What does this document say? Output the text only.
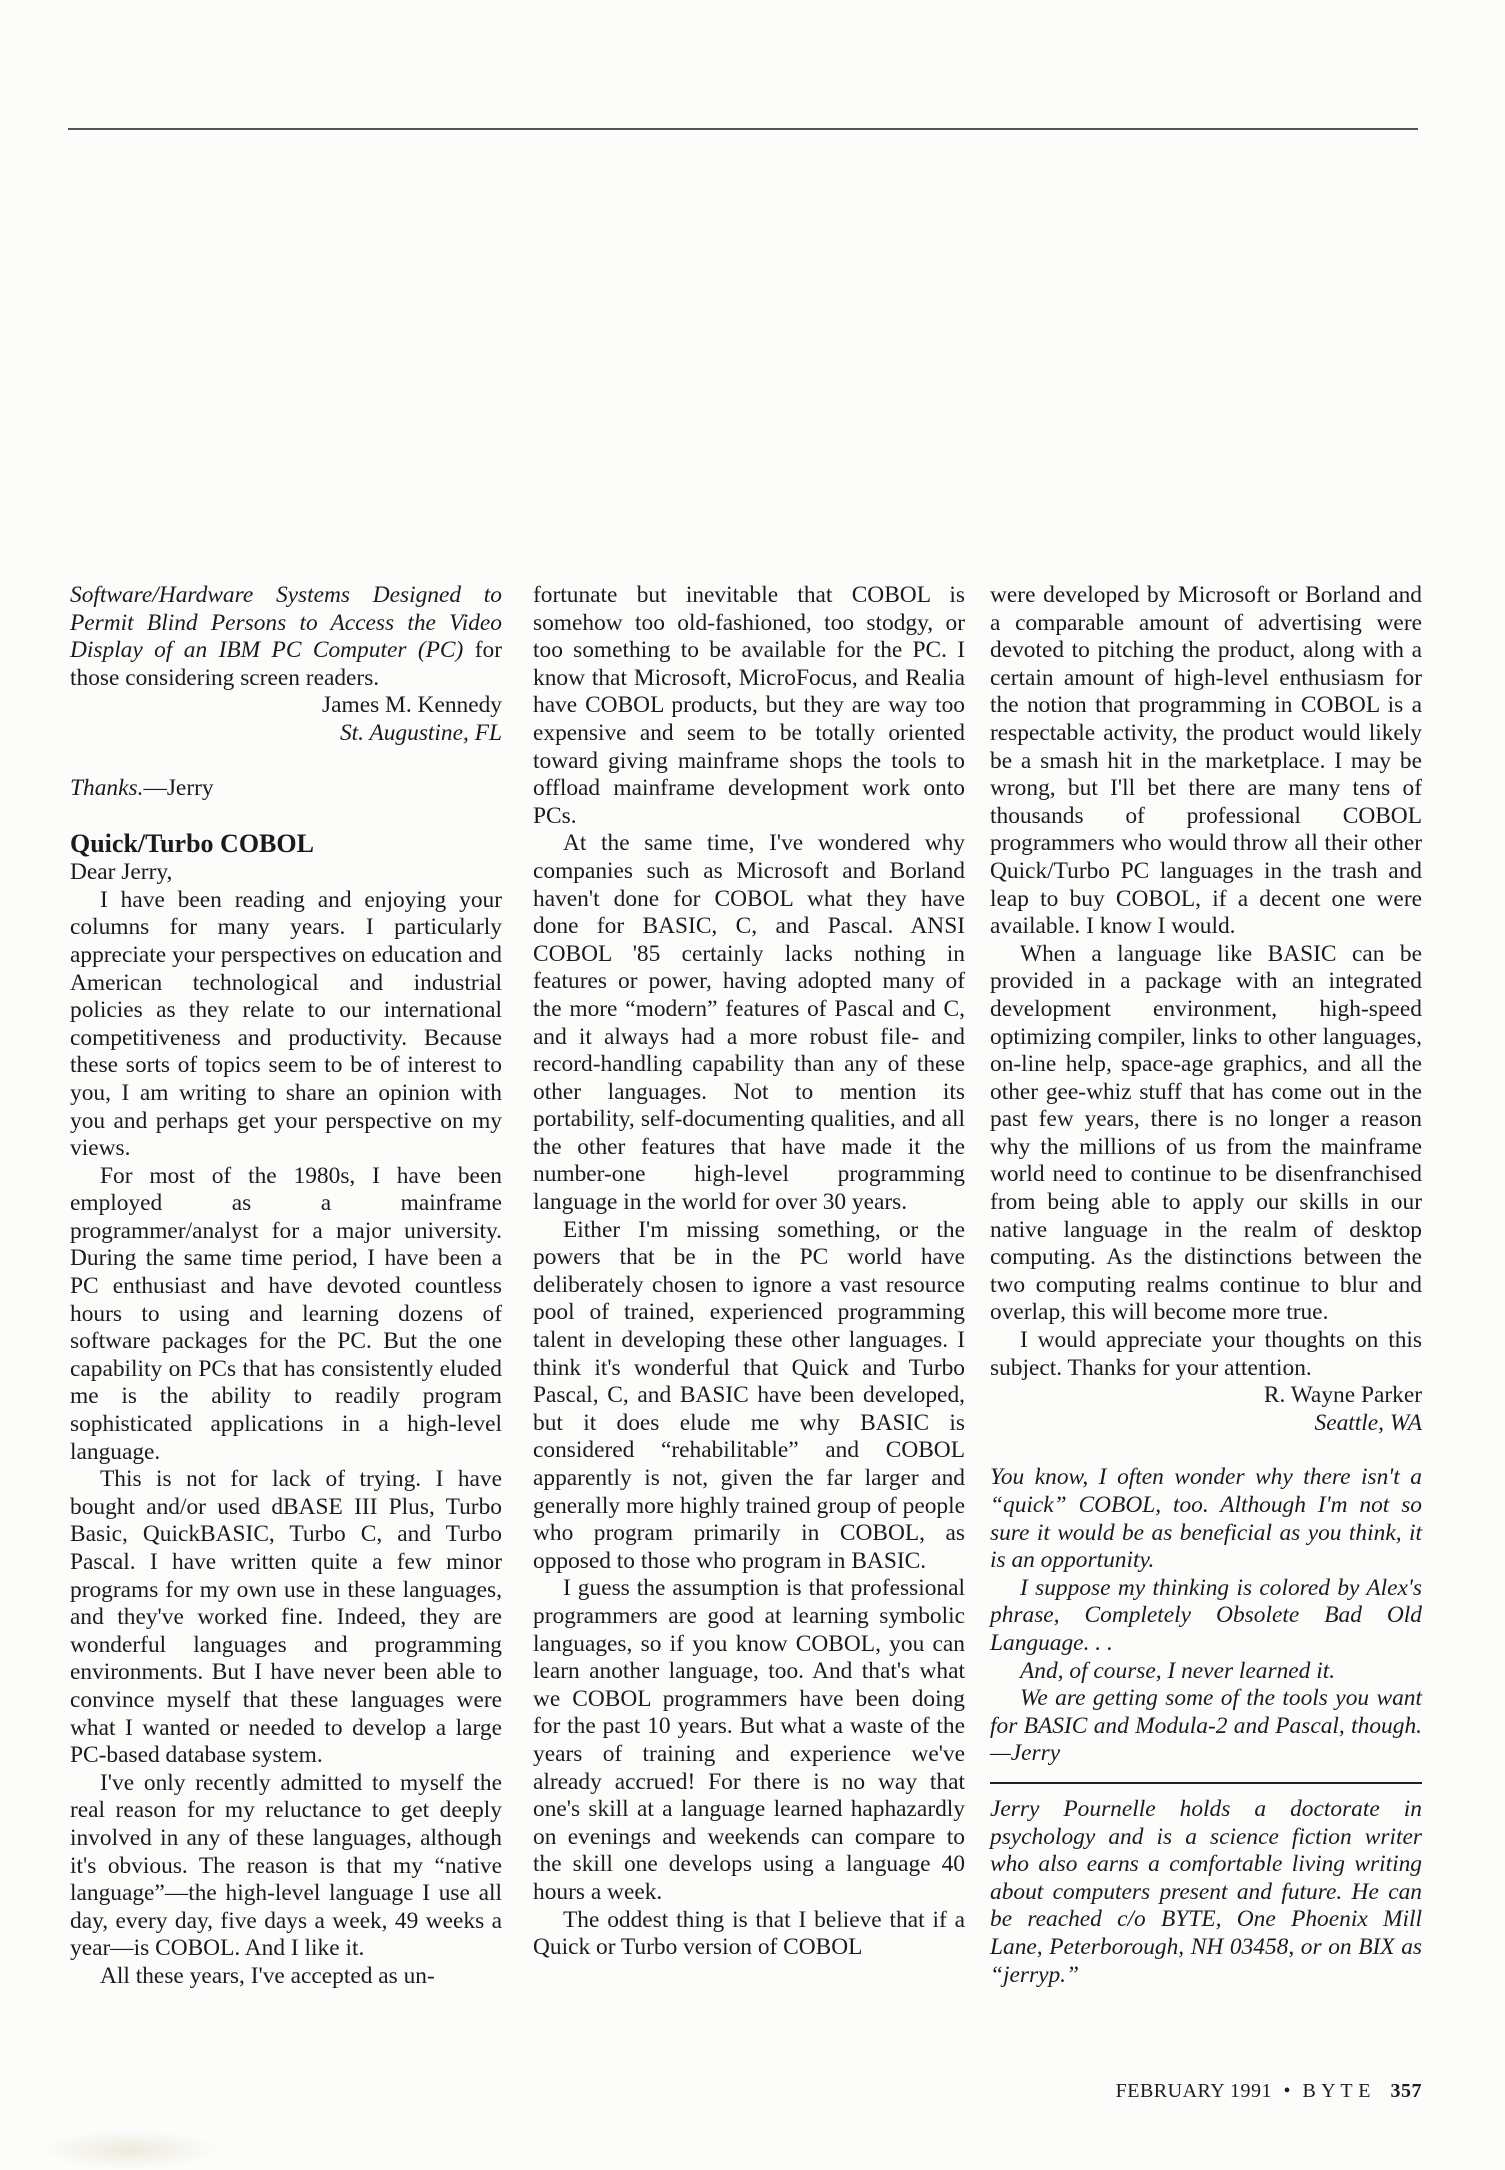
Software/Hardware Systems Designed to Permit Blind Persons to Access the Video Display of an IBM PC Computer (PC) for those considering screen readers.

James M. Kennedy

St. Augustine, FL

Thanks.—Jerry

Quick/Turbo COBOL

Dear Jerry,

I have been reading and enjoying your columns for many years. I particularly appreciate your perspectives on education and American technological and industrial policies as they relate to our international competitiveness and productivity. Because these sorts of topics seem to be of interest to you, I am writing to share an opinion with you and perhaps get your perspective on my views.

For most of the 1980s, I have been employed as a mainframe programmer/analyst for a major university. During the same time period, I have been a PC enthusiast and have devoted countless hours to using and learning dozens of software packages for the PC. But the one capability on PCs that has consistently eluded me is the ability to readily program sophisticated applications in a high-level language.

This is not for lack of trying. I have bought and/or used dBASE III Plus, Turbo Basic, QuickBASIC, Turbo C, and Turbo Pascal. I have written quite a few minor programs for my own use in these languages, and they've worked fine. Indeed, they are wonderful languages and programming environments. But I have never been able to convince myself that these languages were what I wanted or needed to develop a large PC-based database system.

I've only recently admitted to myself the real reason for my reluctance to get deeply involved in any of these languages, although it's obvious. The reason is that my “native language”—the high-level language I use all day, every day, five days a week, 49 weeks a year—is COBOL. And I like it.

All these years, I've accepted as un-

fortunate but inevitable that COBOL is somehow too old-fashioned, too stodgy, or too something to be available for the PC. I know that Microsoft, MicroFocus, and Realia have COBOL products, but they are way too expensive and seem to be totally oriented toward giving mainframe shops the tools to offload mainframe development work onto PCs.

At the same time, I've wondered why companies such as Microsoft and Borland haven't done for COBOL what they have done for BASIC, C, and Pascal. ANSI COBOL '85 certainly lacks nothing in features or power, having adopted many of the more “modern” features of Pascal and C, and it always had a more robust file- and record-handling capability than any of these other languages. Not to mention its portability, self-documenting qualities, and all the other features that have made it the number-one high-level programming language in the world for over 30 years.

Either I'm missing something, or the powers that be in the PC world have deliberately chosen to ignore a vast resource pool of trained, experienced programming talent in developing these other languages. I think it's wonderful that Quick and Turbo Pascal, C, and BASIC have been developed, but it does elude me why BASIC is considered “rehabilitable” and COBOL apparently is not, given the far larger and generally more highly trained group of people who program primarily in COBOL, as opposed to those who program in BASIC.

I guess the assumption is that professional programmers are good at learning symbolic languages, so if you know COBOL, you can learn another language, too. And that's what we COBOL programmers have been doing for the past 10 years. But what a waste of the years of training and experience we've already accrued! For there is no way that one's skill at a language learned haphazardly on evenings and weekends can compare to the skill one develops using a language 40 hours a week.

The oddest thing is that I believe that if a Quick or Turbo version of COBOL

were developed by Microsoft or Borland and a comparable amount of advertising were devoted to pitching the product, along with a certain amount of high-level enthusiasm for the notion that programming in COBOL is a respectable activity, the product would likely be a smash hit in the marketplace. I may be wrong, but I'll bet there are many tens of thousands of professional COBOL programmers who would throw all their other Quick/Turbo PC languages in the trash and leap to buy COBOL, if a decent one were available. I know I would.

When a language like BASIC can be provided in a package with an integrated development environment, high-speed optimizing compiler, links to other languages, on-line help, space-age graphics, and all the other gee-whiz stuff that has come out in the past few years, there is no longer a reason why the millions of us from the mainframe world need to continue to be disenfranchised from being able to apply our skills in our native language in the realm of desktop computing. As the distinctions between the two computing realms continue to blur and overlap, this will become more true.

I would appreciate your thoughts on this subject. Thanks for your attention.

R. Wayne Parker

Seattle, WA

You know, I often wonder why there isn't a “quick” COBOL, too. Although I'm not so sure it would be as beneficial as you think, it is an opportunity.

I suppose my thinking is colored by Alex's phrase, Completely Obsolete Bad Old Language. . .

And, of course, I never learned it.

We are getting some of the tools you want for BASIC and Modula-2 and Pascal, though.—Jerry

Jerry Pournelle holds a doctorate in psychology and is a science fiction writer who also earns a comfortable living writing about computers present and future. He can be reached c/o BYTE, One Phoenix Mill Lane, Peterborough, NH 03458, or on BIX as “jerryp.”

FEBRUARY 1991 • B Y T E 357
